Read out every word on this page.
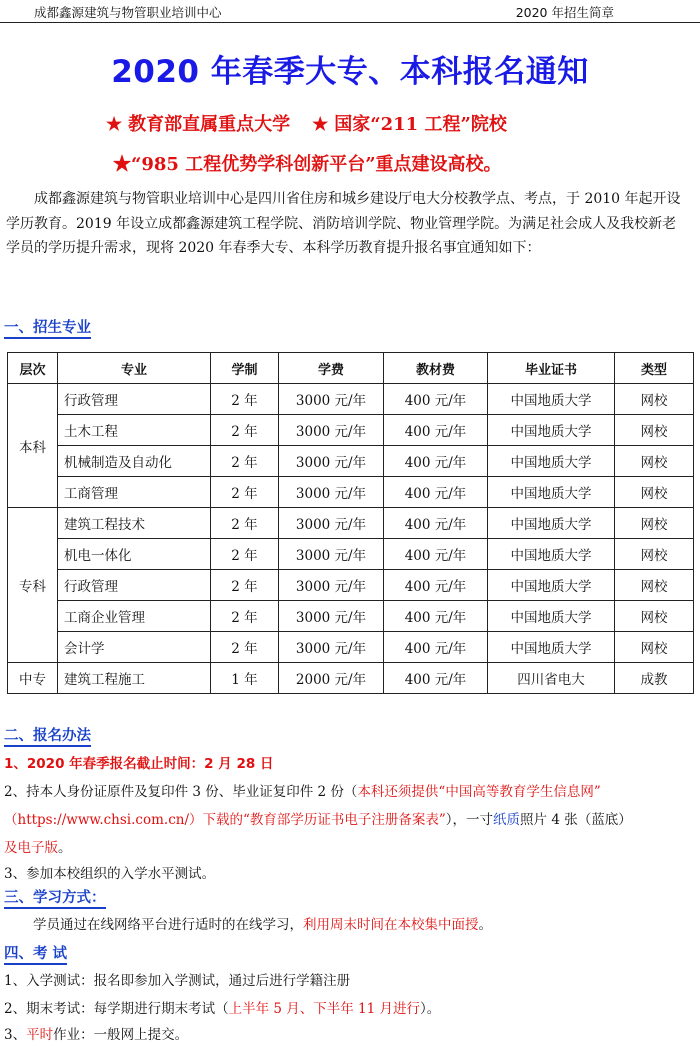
成都鑫源建筑与物管职业培训中心	2020 年招生简章
2020 年春季大专、本科报名通知
★ 教育部直属重点大学 ★ 国家“211 工程”院校
★“985 工程优势学科创新平台”重点建设高校。

成都鑫源建筑与物管职业培训中心是四川省住房和城乡建设厅电大分校教学点、考点，于 2010 年起开设学历教育。2019 年设立成都鑫源建筑工程学院、消防培训学院、物业管理学院。为满足社会成人及我校新老学员的学历提升需求，现将 2020 年春季大专、本科学历教育提升报名事宜通知如下：

一、招生专业
层次	专业	学制	学费	教材费	毕业证书	类型
本科	行政管理	2 年	3000 元/年	400 元/年	中国地质大学	网校
	土木工程	2 年	3000 元/年	400 元/年	中国地质大学	网校
	机械制造及自动化	2 年	3000 元/年	400 元/年	中国地质大学	网校
	工商管理	2 年	3000 元/年	400 元/年	中国地质大学	网校
专科	建筑工程技术	2 年	3000 元/年	400 元/年	中国地质大学	网校
	机电一体化	2 年	3000 元/年	400 元/年	中国地质大学	网校
	行政管理	2 年	3000 元/年	400 元/年	中国地质大学	网校
	工商企业管理	2 年	3000 元/年	400 元/年	中国地质大学	网校
	会计学	2 年	3000 元/年	400 元/年	中国地质大学	网校
中专	建筑工程施工	1 年	2000 元/年	400 元/年	四川省电大	成教
二、报名办法
1、2020 年春季报名截止时间：2 月 28 日
2、持本人身份证原件及复印件 3 份、毕业证复印件 2 份（本科还须提供“中国高等教育学生信息网”
（https://www.chsi.com.cn/）下载的“教育部学历证书电子注册备案表”），一寸纸质照片 4 张（蓝底）
及电子版。
3、参加本校组织的入学水平测试。
三、学习方式：
学员通过在线网络平台进行适时的在线学习，利用周末时间在本校集中面授。
四、考 试
1、入学测试：报名即参加入学测试，通过后进行学籍注册
2、期末考试：每学期进行期末考试（上半年 5 月、下半年 11 月进行）。
3、平时作业：一般网上提交。
